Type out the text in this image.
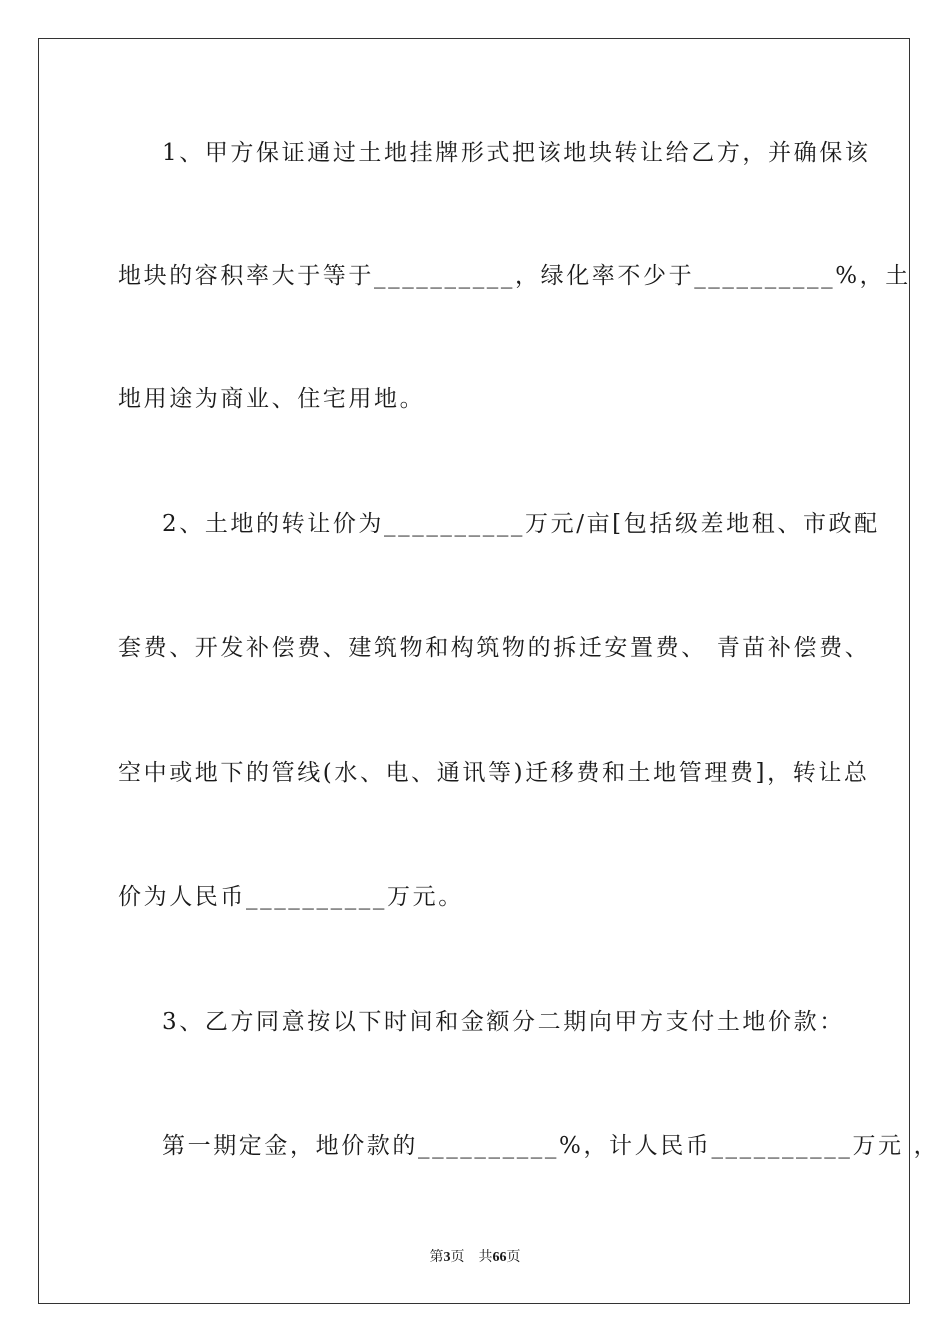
1、甲方保证通过土地挂牌形式把该地块转让给乙方，并确保该
地块的容积率大于等于__________，绿化率不少于__________%，土
地用途为商业、住宅用地。
2、土地的转让价为__________万元/亩[包括级差地租、市政配
套费、开发补偿费、建筑物和构筑物的拆迁安置费、 青苗补偿费、
空中或地下的管线(水、电、通讯等)迁移费和土地管理费]，转让总
价为人民币__________万元。
3、乙方同意按以下时间和金额分二期向甲方支付土地价款：
第一期定金，地价款的__________%，计人民币__________万元 ，
第3页 共66页
